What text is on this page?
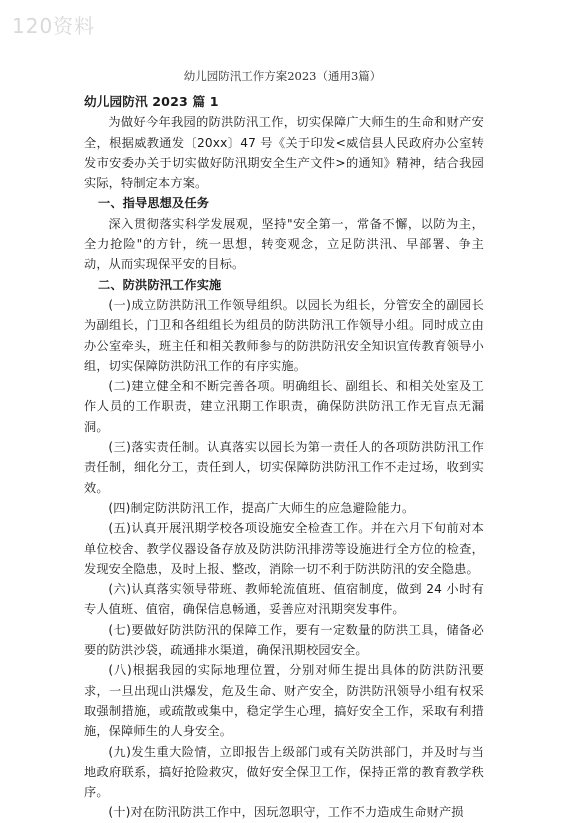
120资料
幼儿园防汛工作方案2023（通用3篇）

幼儿园防汛 2023 篇 1

为做好今年我园的防洪防汛工作，切实保障广大师生的生命和财产安全，根据威教通发〔20xx〕47 号《关于印发<威信县人民政府办公室转发市安委办关于切实做好防汛期安全生产文件>的通知》精神，结合我园实际，特制定本方案。

一、指导思想及任务

深入贯彻落实科学发展观，坚持"安全第一，常备不懈，以防为主，全力抢险"的方针，统一思想，转变观念，立足防洪汛、早部署、争主动，从而实现保平安的目标。

二、防洪防汛工作实施

(一)成立防洪防汛工作领导组织。以园长为组长，分管安全的副园长为副组长，门卫和各组组长为组员的防洪防汛工作领导小组。同时成立由办公室牵头，班主任和相关教师参与的防洪防汛安全知识宣传教育领导小组，切实保障防洪防汛工作的有序实施。

(二)建立健全和不断完善各项。明确组长、副组长、和相关处室及工作人员的工作职责，建立汛期工作职责，确保防洪防汛工作无盲点无漏洞。

(三)落实责任制。认真落实以园长为第一责任人的各项防洪防汛工作责任制，细化分工，责任到人，切实保障防洪防汛工作不走过场，收到实效。

(四)制定防洪防汛工作，提高广大师生的应急避险能力。

(五)认真开展汛期学校各项设施安全检查工作。并在六月下旬前对本单位校舍、教学仪器设备存放及防洪防汛排涝等设施进行全方位的检查，发现安全隐患，及时上报、整改，消除一切不利于防洪防汛的安全隐患。

(六)认真落实领导带班、教师轮流值班、值宿制度，做到 24 小时有专人值班、值宿，确保信息畅通，妥善应对汛期突发事件。

(七)要做好防洪防汛的保障工作，要有一定数量的防洪工具，储备必要的防洪沙袋，疏通排水渠道，确保汛期校园安全。

(八)根据我园的实际地理位置，分别对师生提出具体的防洪防汛要求，一旦出现山洪爆发，危及生命、财产安全，防洪防汛领导小组有权采取强制措施，或疏散或集中，稳定学生心理，搞好安全工作，采取有利措施，保障师生的人身安全。

(九)发生重大险情，立即报告上级部门或有关防洪部门，并及时与当地政府联系，搞好抢险救灾，做好安全保卫工作，保持正常的教育教学秩序。

(十)对在防汛防洪工作中，因玩忽职守，工作不力造成生命财产损
